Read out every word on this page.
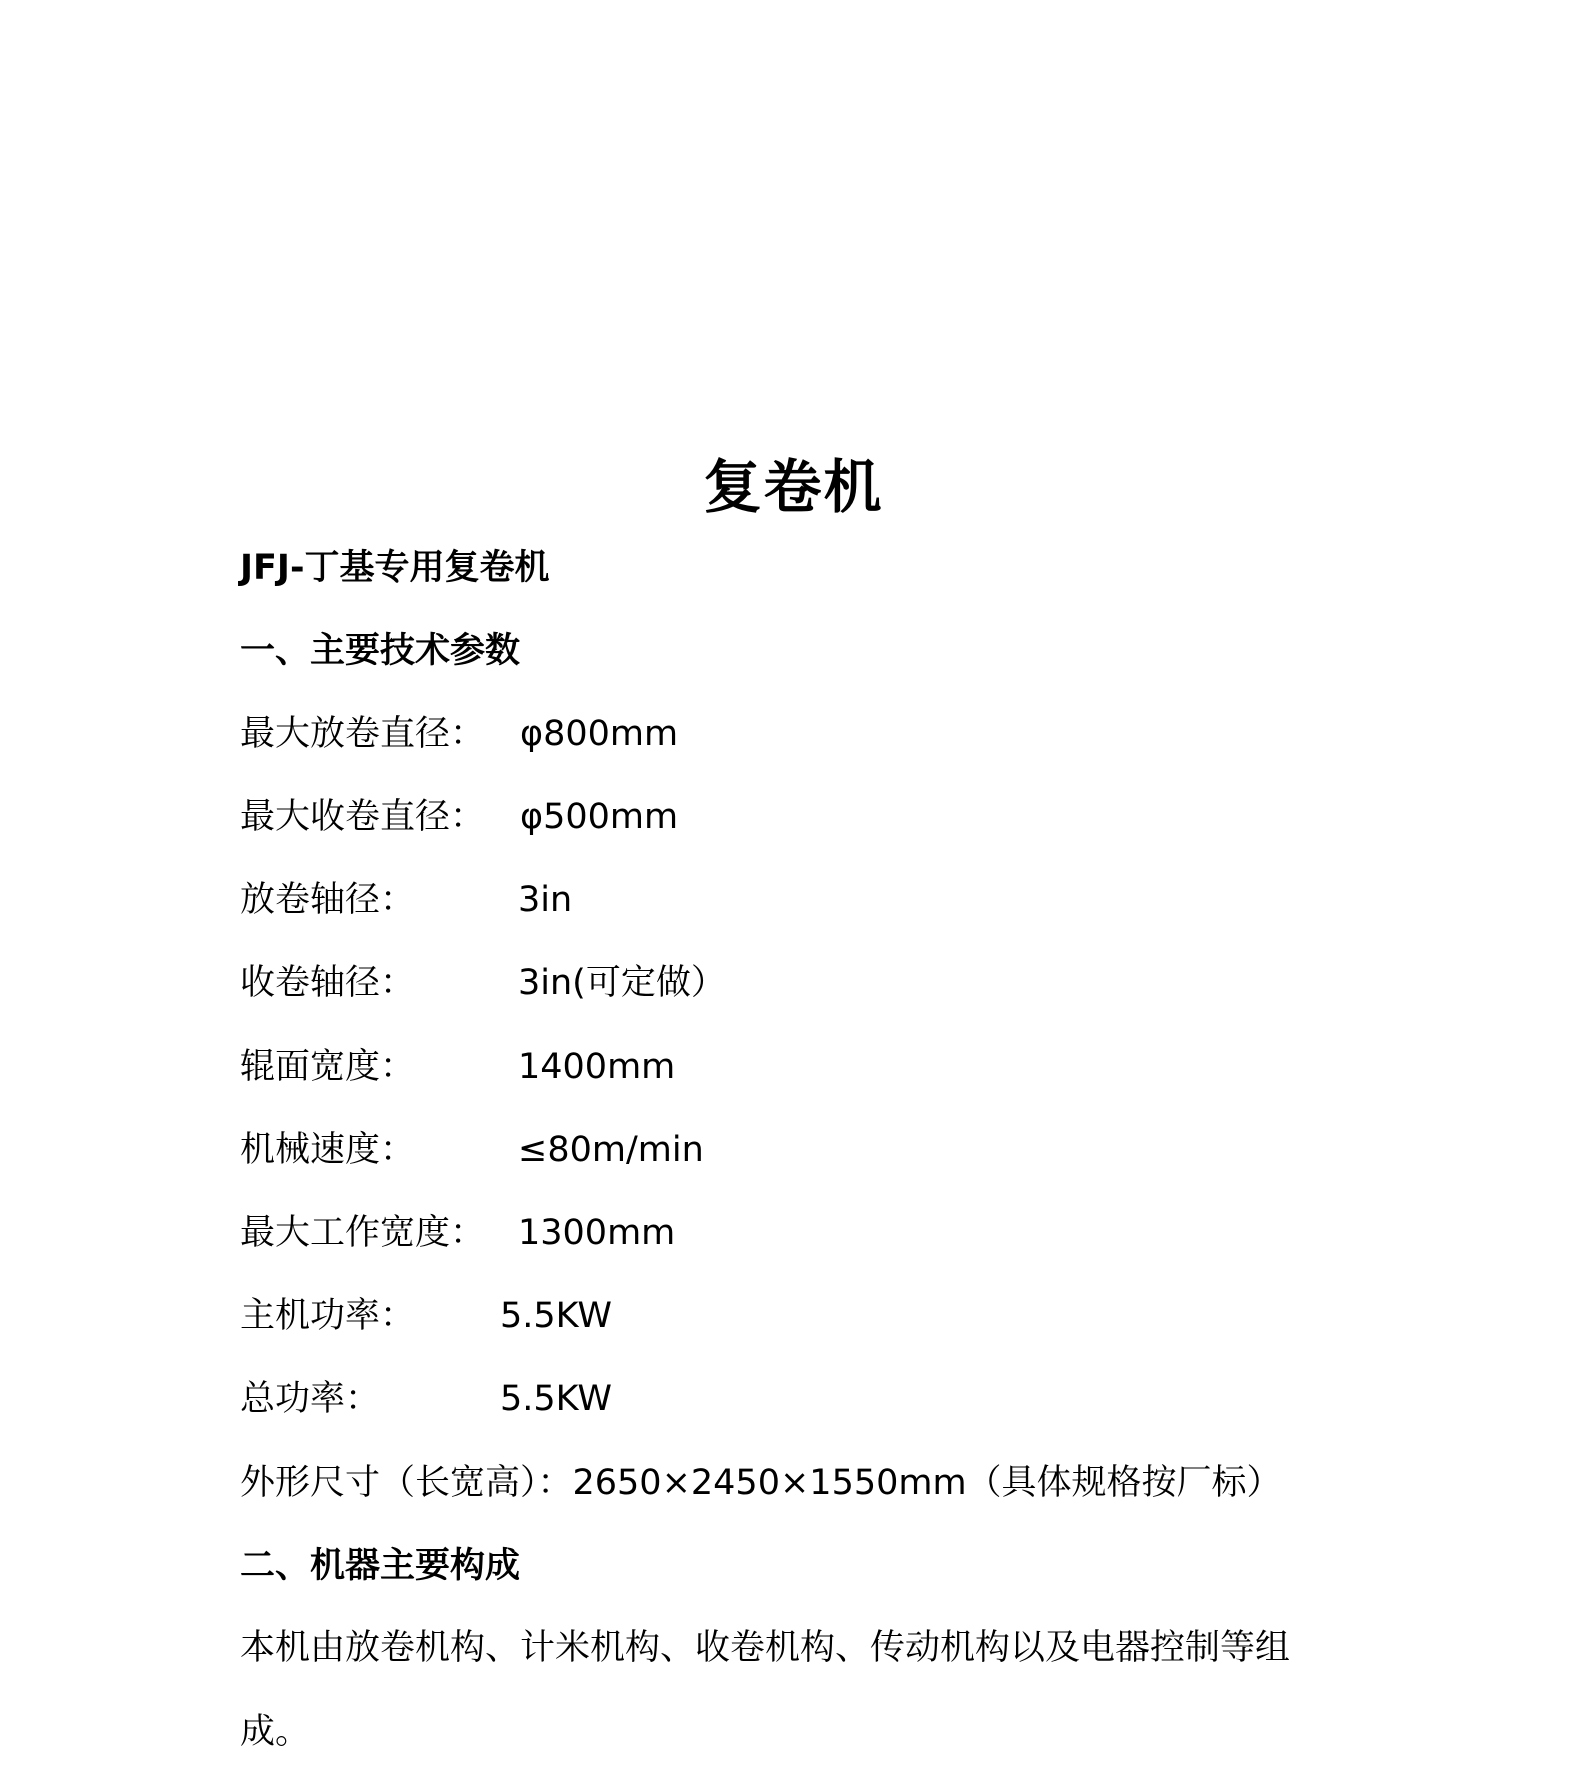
复卷机
JFJ-丁基专用复卷机
一、主要技术参数
最大放卷直径： φ800mm
最大收卷直径： φ500mm
放卷轴径：	3in
收卷轴径：	3in(可定做）
辊面宽度：	1400mm
机械速度：	≤80m/min
最大工作宽度： 1300mm
主机功率： 5.5KW
总功率：	5.5KW
外形尺寸（长宽高）：2650×2450×1550mm（具体规格按厂标）
二、机器主要构成
本机由放卷机构、计米机构、收卷机构、传动机构以及电器控制等组成。
